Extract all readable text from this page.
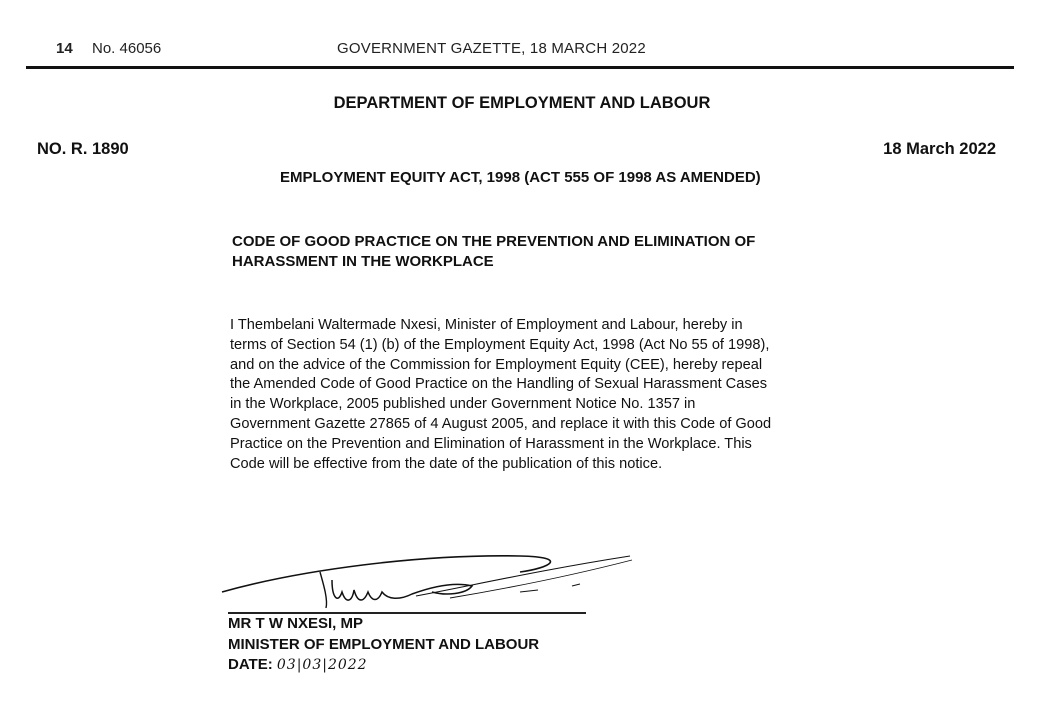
14 No. 46056	GOVERNMENT GAZETTE, 18 MARCH 2022
DEPARTMENT OF EMPLOYMENT AND LABOUR
NO. R. 1890	18 March 2022
EMPLOYMENT EQUITY ACT, 1998 (ACT 555 OF 1998 AS AMENDED)
CODE OF GOOD PRACTICE ON THE PREVENTION AND ELIMINATION OF
HARASSMENT IN THE WORKPLACE
I Thembelani Waltermade Nxesi, Minister of Employment and Labour, hereby in
terms of Section 54 (1) (b) of the Employment Equity Act, 1998 (Act No 55 of 1998),
and on the advice of the Commission for Employment Equity (CEE), hereby repeal
the Amended Code of Good Practice on the Handling of Sexual Harassment Cases
in the Workplace, 2005 published under Government Notice No. 1357 in
Government Gazette 27865 of 4 August 2005, and replace it with this Code of Good
Practice on the Prevention and Elimination of Harassment in the Workplace. This
Code will be effective from the date of the publication of this notice.
MR T W NXESI, MP
MINISTER OF EMPLOYMENT AND LABOUR
DATE: 03|03|2022
